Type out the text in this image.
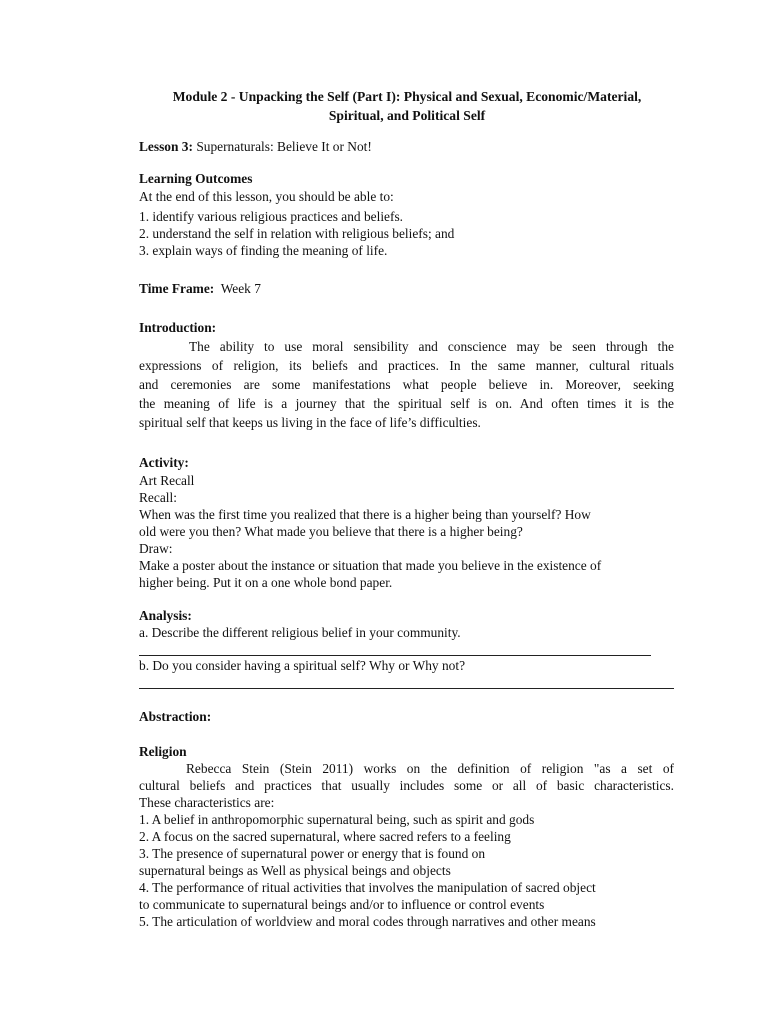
Module 2 - Unpacking the Self (Part I): Physical and Sexual, Economic/Material,
Spiritual, and Political Self
Lesson 3: Supernaturals: Believe It or Not!
Learning Outcomes
At the end of this lesson, you should be able to:
1. identify various religious practices and beliefs.
2. understand the self in relation with religious beliefs; and
3. explain ways of finding the meaning of life.
Time Frame: Week 7
Introduction:
The ability to use moral sensibility and conscience may be seen through the
expressions of religion, its beliefs and practices. In the same manner, cultural rituals
and ceremonies are some manifestations what people believe in. Moreover, seeking
the meaning of life is a journey that the spiritual self is on. And often times it is the
spiritual self that keeps us living in the face of life’s difficulties.
Activity:
Art Recall
Recall:
When was the first time you realized that there is a higher being than yourself? How
old were you then? What made you believe that there is a higher being?
Draw:
Make a poster about the instance or situation that made you believe in the existence of
higher being. Put it on a one whole bond paper.
Analysis:
a. Describe the different religious belief in your community.
b. Do you consider having a spiritual self? Why or Why not?
Abstraction:
Religion
Rebecca Stein (Stein 2011) works on the definition of religion "as a set of
cultural beliefs and practices that usually includes some or all of basic characteristics.
These characteristics are:
1. A belief in anthropomorphic supernatural being, such as spirit and gods
2. A focus on the sacred supernatural, where sacred refers to a feeling
3. The presence of supernatural power or energy that is found on
supernatural beings as Well as physical beings and objects
4. The performance of ritual activities that involves the manipulation of sacred object
to communicate to supernatural beings and/or to influence or control events
5. The articulation of worldview and moral codes through narratives and other means
